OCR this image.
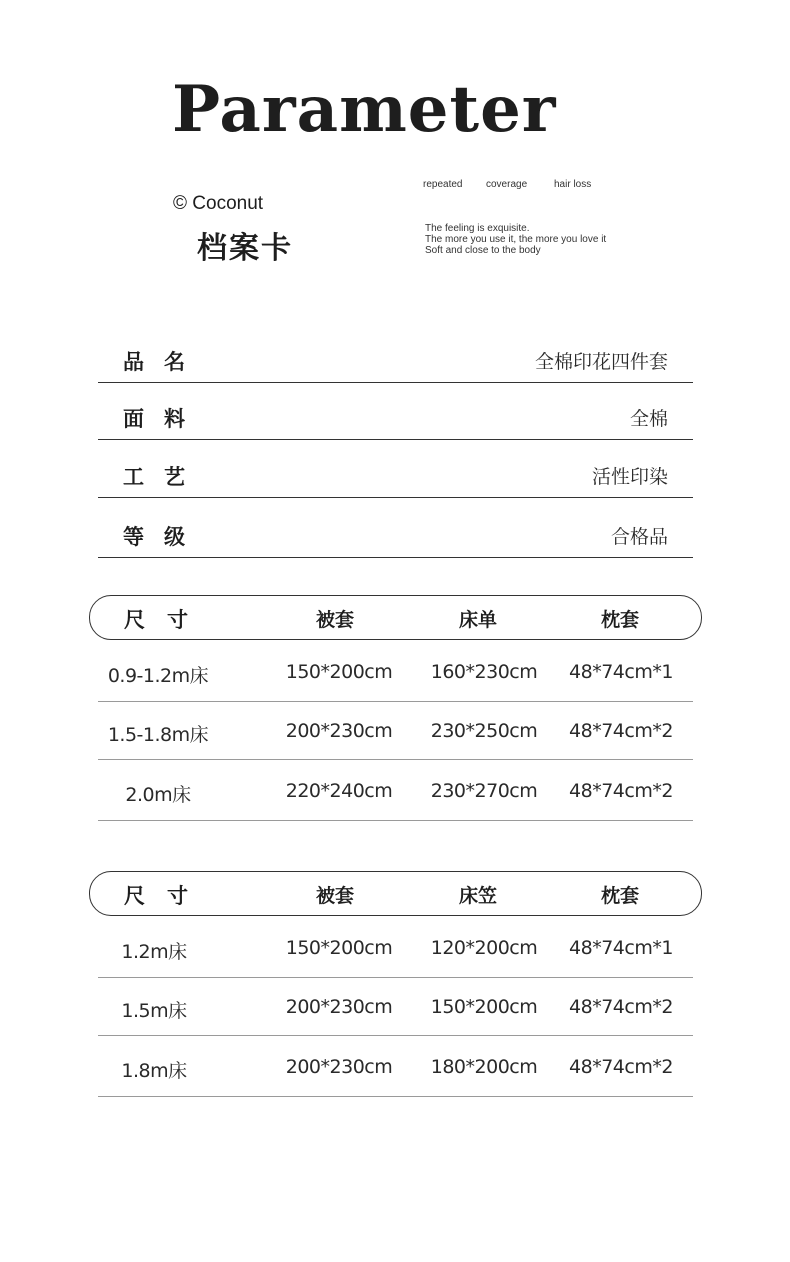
Parameter
repeated coverage	hair loss
© Coconut
档案卡
The feeling is exquisite.
The more you use it, the more you love it
Soft and close to the body
品名	全棉印花四件套
面料	全棉
工艺	活性印染
等级	合格品
尺寸	被套	床单	枕套
0.9-1.2m床	150*200cm 160*230cm 48*74cm*1
1.5-1.8m床	200*230cm 230*250cm 48*74cm*2
2.0m床	220*240cm 230*270cm 48*74cm*2
尺寸	被套	床笠	枕套
1.2m床	150*200cm 120*200cm 48*74cm*1
1.5m床	200*230cm 150*200cm 48*74cm*2
1.8m床	200*230cm 180*200cm 48*74cm*2
